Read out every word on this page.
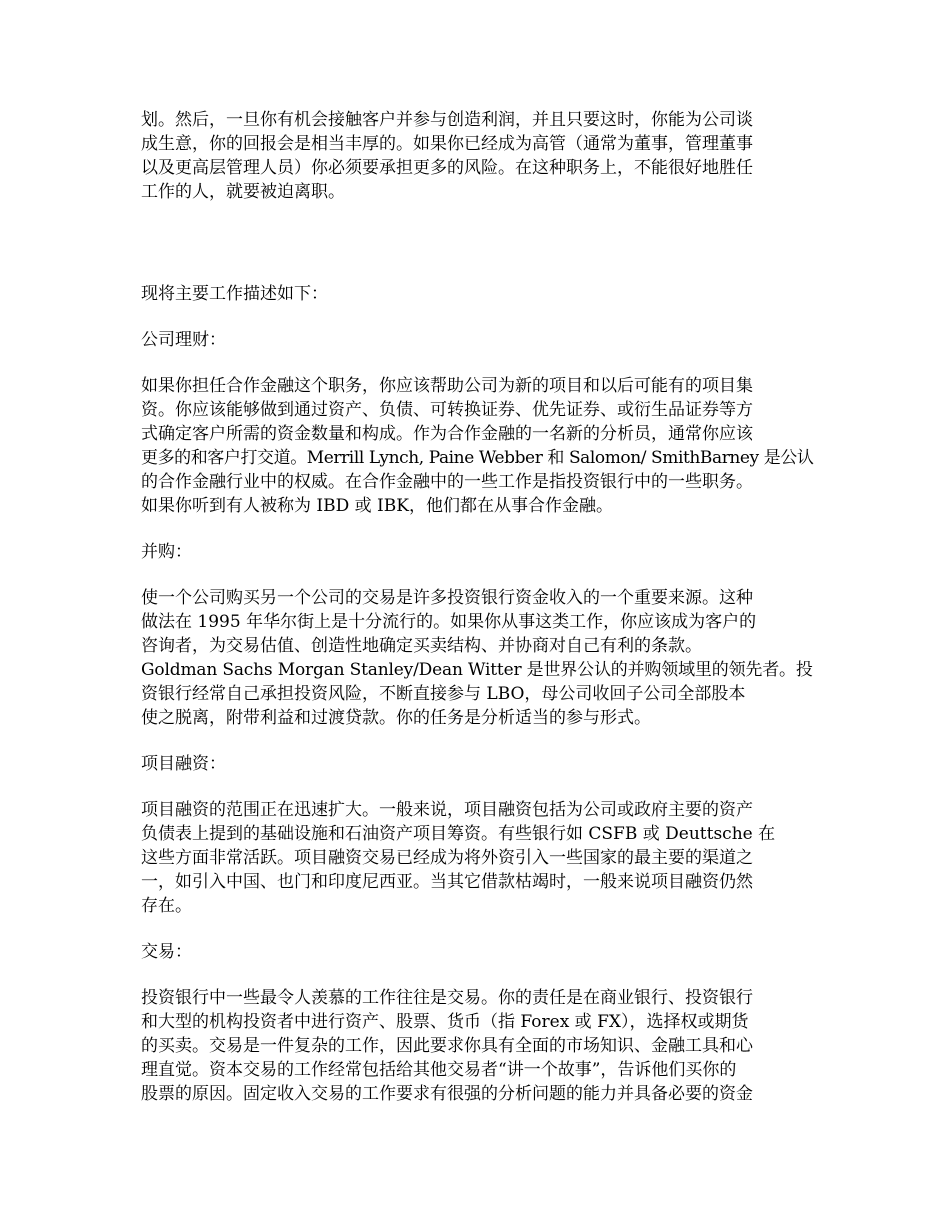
划。然后，一旦你有机会接触客户并参与创造利润，并且只要这时，你能为公司谈
成生意，你的回报会是相当丰厚的。如果你已经成为高管（通常为董事，管理董事
以及更高层管理人员）你必须要承担更多的风险。在这种职务上，不能很好地胜任
工作的人，就要被迫离职。

现将主要工作描述如下：

公司理财：

如果你担任合作金融这个职务，你应该帮助公司为新的项目和以后可能有的项目集
资。你应该能够做到通过资产、负债、可转换证券、优先证券、或衍生品证券等方
式确定客户所需的资金数量和构成。作为合作金融的一名新的分析员，通常你应该
更多的和客户打交道。Merrill Lynch, Paine Webber 和 Salomon/ SmithBarney 是公认
的合作金融行业中的权威。在合作金融中的一些工作是指投资银行中的一些职务。
如果你听到有人被称为 IBD 或 IBK，他们都在从事合作金融。

并购：

使一个公司购买另一个公司的交易是许多投资银行资金收入的一个重要来源。这种
做法在 1995 年华尔街上是十分流行的。如果你从事这类工作，你应该成为客户的
咨询者，为交易估值、创造性地确定买卖结构、并协商对自己有利的条款。
Goldman Sachs Morgan Stanley/Dean Witter 是世界公认的并购领域里的领先者。投
资银行经常自己承担投资风险，不断直接参与 LBO，母公司收回子公司全部股本
使之脱离，附带利益和过渡贷款。你的任务是分析适当的参与形式。

项目融资：

项目融资的范围正在迅速扩大。一般来说，项目融资包括为公司或政府主要的资产
负债表上提到的基础设施和石油资产项目筹资。有些银行如 CSFB 或 Deuttsche 在
这些方面非常活跃。项目融资交易已经成为将外资引入一些国家的最主要的渠道之
一，如引入中国、也门和印度尼西亚。当其它借款枯竭时，一般来说项目融资仍然
存在。

交易：

投资银行中一些最令人羡慕的工作往往是交易。你的责任是在商业银行、投资银行
和大型的机构投资者中进行资产、股票、货币（指 Forex 或 FX），选择权或期货
的买卖。交易是一件复杂的工作，因此要求你具有全面的市场知识、金融工具和心
理直觉。资本交易的工作经常包括给其他交易者“讲一个故事”，告诉他们买你的
股票的原因。固定收入交易的工作要求有很强的分析问题的能力并具备必要的资金
